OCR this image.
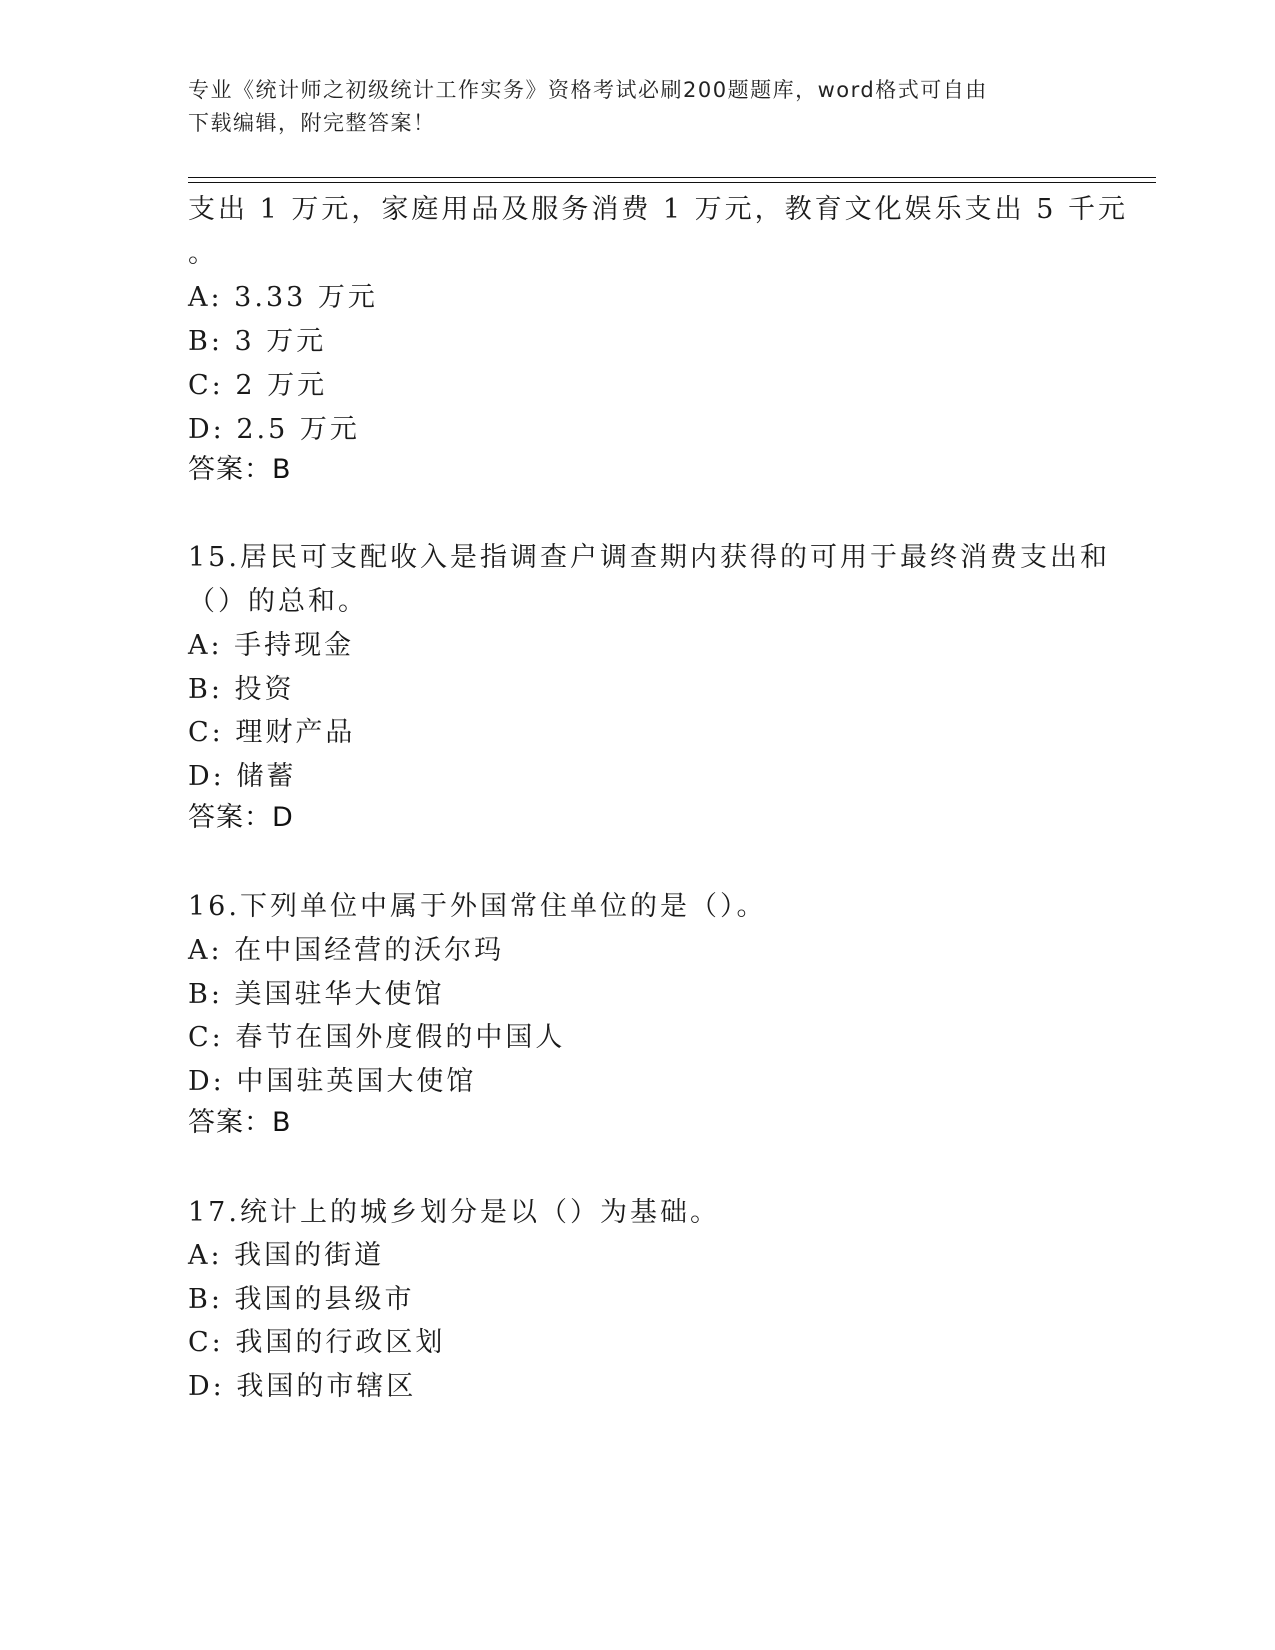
专业《统计师之初级统计工作实务》资格考试必刷200题题库，word格式可自由
下载编辑，附完整答案！
支出 1 万元，家庭用品及服务消费 1 万元，教育文化娱乐支出 5 千元
。
A: 3.33 万元
B: 3 万元
C: 2 万元
D: 2.5 万元
答案：B
15.居民可支配收入是指调查户调查期内获得的可用于最终消费支出和
（）的总和。
A: 手持现金
B: 投资
C: 理财产品
D: 储蓄
答案：D
16.下列单位中属于外国常住单位的是（）。
A: 在中国经营的沃尔玛
B: 美国驻华大使馆
C: 春节在国外度假的中国人
D: 中国驻英国大使馆
答案：B
17.统计上的城乡划分是以（）为基础。
A: 我国的街道
B: 我国的县级市
C: 我国的行政区划
D: 我国的市辖区
